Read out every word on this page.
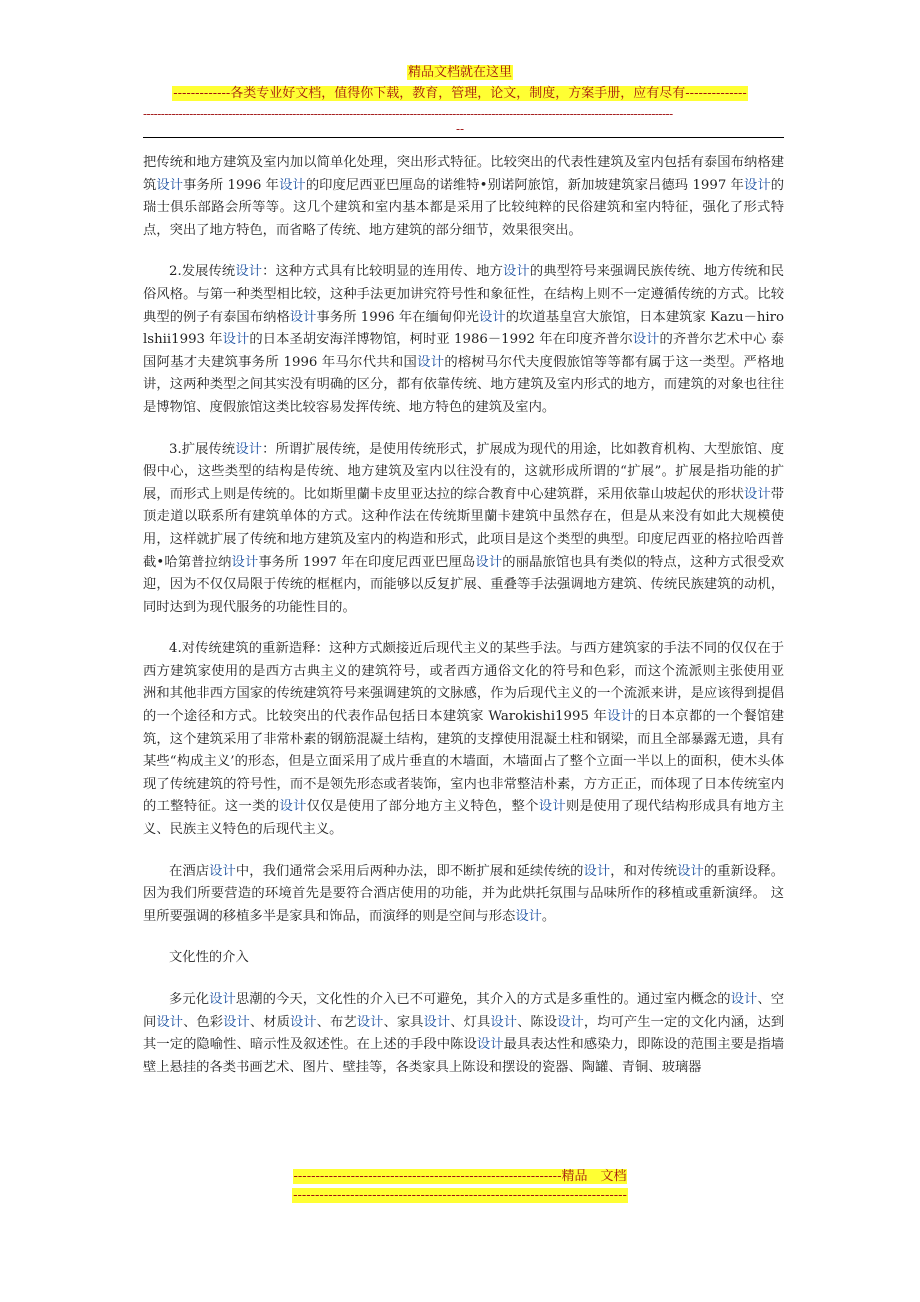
精品文档就在这里
-------------各类专业好文档，值得你下载，教育，管理，论文，制度，方案手册，应有尽有--------------
-----------------------------------------------------------------------------------------------------------------------------------------------------
--

把传统和地方建筑及室内加以简单化处理，突出形式特征。比较突出的代表性建筑及室内包括有泰国布纳格建筑设计事务所 1996 年设计的印度尼西亚巴厘岛的诺维特•别诺阿旅馆，新加坡建筑家吕德玛 1997 年设计的瑞士俱乐部路会所等等。这几个建筑和室内基本都是采用了比较纯粹的民俗建筑和室内特征，强化了形式特点，突出了地方特色，而省略了传统、地方建筑的部分细节，效果很突出。

2.发展传统设计：这种方式具有比较明显的连用传、地方设计的典型符号来强调民族传统、地方传统和民俗风格。与第一种类型相比较，这种手法更加讲究符号性和象征性，在结构上则不一定遵循传统的方式。比较典型的例子有泰国布纳格设计事务所 1996 年在缅甸仰光设计的坎道基皇宫大旅馆，日本建筑家 Kazu－hirolshii1993 年设计的日本圣胡安海洋博物馆，柯时亚 1986－1992 年在印度齐普尔设计的齐普尔艺术中心 泰国阿基才夫建筑事务所 1996 年马尔代共和国设计的榕树马尔代夫度假旅馆等等都有属于这一类型。严格地讲，这两种类型之间其实没有明确的区分，都有依靠传统、地方建筑及室内形式的地方，而建筑的对象也往往是博物馆、度假旅馆这类比较容易发挥传统、地方特色的建筑及室内。

3.扩展传统设计：所谓扩展传统，是使用传统形式，扩展成为现代的用途，比如教育机构、大型旅馆、度假中心，这些类型的结构是传统、地方建筑及室内以往没有的，这就形成所谓的“扩展”。扩展是指功能的扩展，而形式上则是传统的。比如斯里蘭卡皮里亚达拉的综合教育中心建筑群，采用依靠山坡起伏的形状设计带顶走道以联系所有建筑单体的方式。这种作法在传统斯里蘭卡建筑中虽然存在，但是从来没有如此大规模使用，这样就扩展了传统和地方建筑及室内的构造和形式，此项目是这个类型的典型。印度尼西亚的格拉哈西普截•哈第普拉纳设计事务所 1997 年在印度尼西亚巴厘岛设计的丽晶旅馆也具有类似的特点，这种方式很受欢迎，因为不仅仅局限于传统的框框内，而能够以反复扩展、重叠等手法强调地方建筑、传统民族建筑的动机，同时达到为现代服务的功能性目的。

4.对传统建筑的重新造释：这种方式颇接近后现代主义的某些手法。与西方建筑家的手法不同的仅仅在于西方建筑家使用的是西方古典主义的建筑符号，或者西方通俗文化的符号和色彩，而这个流派则主张使用亚 洲和其他非西方国家的传统建筑符号来强调建筑的文脉感，作为后现代主义的一个流派来讲，是应该得到提倡的一个途径和方式。比较突出的代表作品包括日本建筑家 Warokishi1995 年设计的日本京都的一个餐馆建筑，这个建筑采用了非常朴素的钢筋混凝土结构，建筑的支撑使用混凝土柱和钢梁，而且全部暴露无遗，具有某些“构成主义’的形态，但是立面采用了成片垂直的木墙面，木墙面占了整个立面一半以上的面积，使木头体现了传统建筑的符号性，而不是领先形态或者装饰，室内也非常整洁朴素，方方正正，而体现了日本传统室内的工整特征。这一类的设计仅仅是使用了部分地方主义特色，整个设计则是使用了现代结构形成具有地方主义、民族主义特色的后现代主义。

在酒店设计中，我们通常会采用后两种办法，即不断扩展和延续传统的设计，和对传统设计的重新设释。因为我们所要营造的环境首先是要符合酒店使用的功能，并为此烘托氛围与品味所作的移植或重新演绎。 这里所要强调的移植多半是家具和饰品，而演绎的则是空间与形态设计。

文化性的介入

多元化设计思潮的今天，文化性的介入已不可避免，其介入的方式是多重性的。通过室内概念的设计、空间设计、色彩设计、材质设计、布艺设计、家具设计、灯具设计、陈设设计，均可产生一定的文化内涵，达到其一定的隐喻性、暗示性及叙述性。在上述的手段中陈设设计最具表达性和感染力，即陈设的范围主要是指墙壁上悬挂的各类书画艺术、图片、壁挂等，各类家具上陈设和摆设的瓷器、陶罐、青铜、玻璃器

-------------------------------------------------------------精品　文档
----------------------------------------------------------------------------
